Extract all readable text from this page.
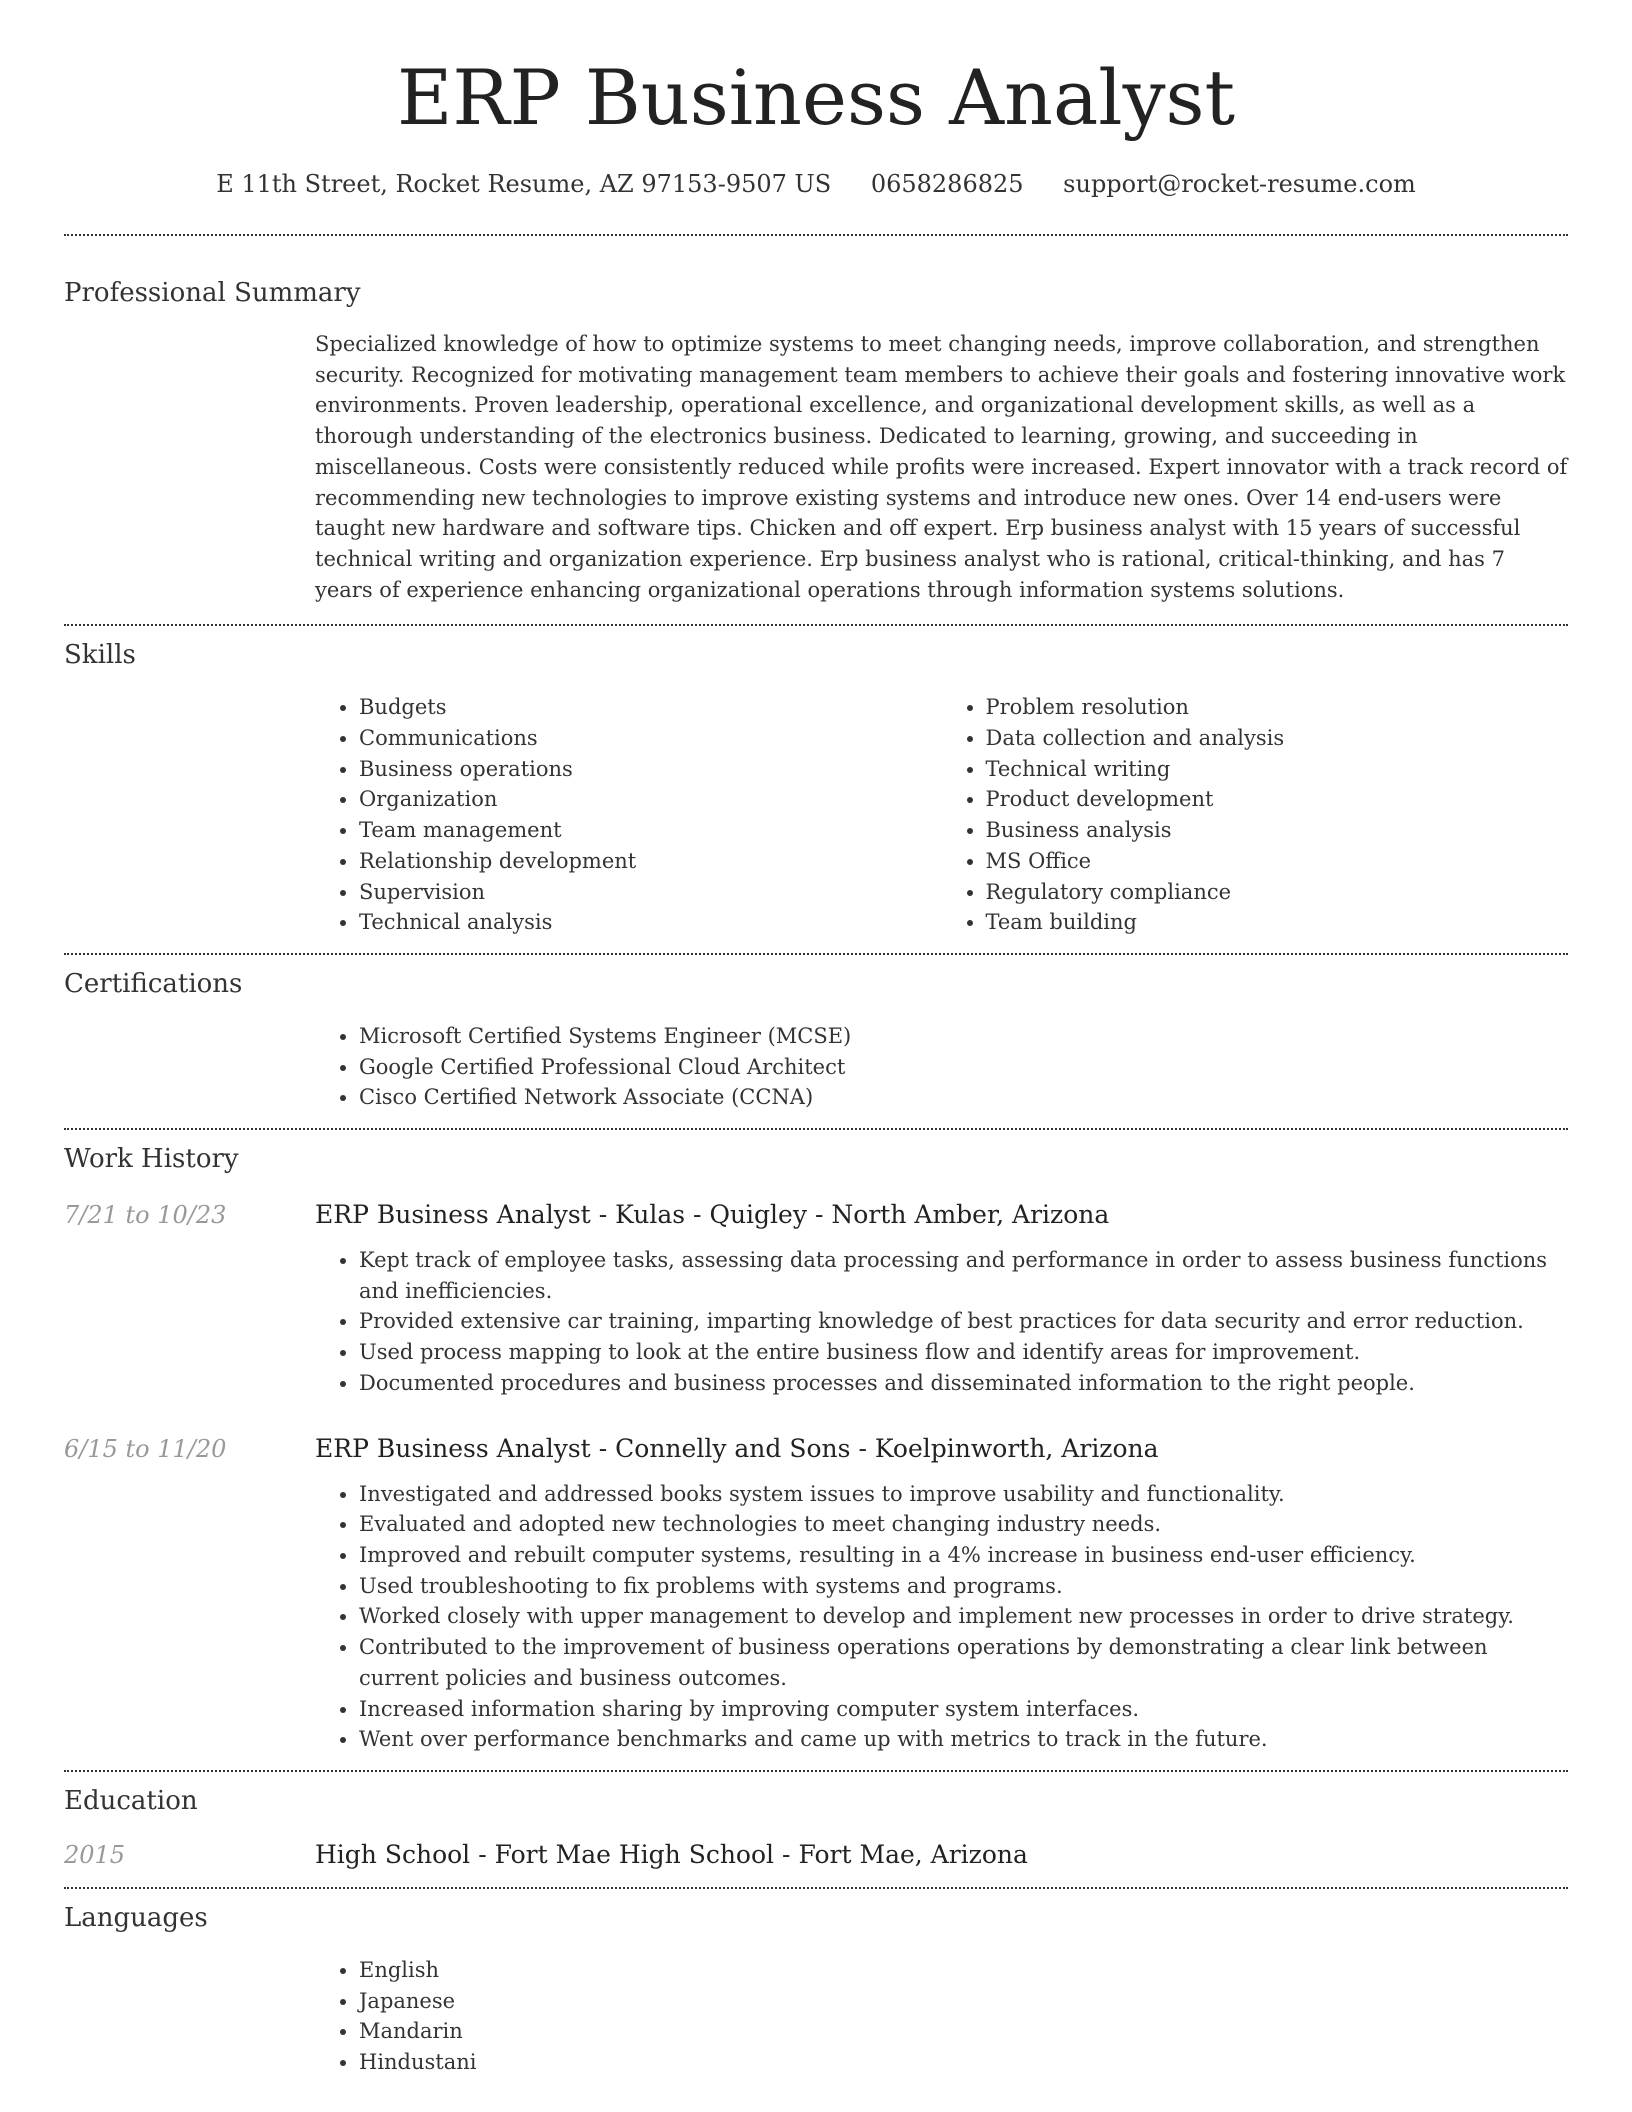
ERP Business Analyst
E 11th Street, Rocket Resume, AZ 97153-9507 US 0658286825 support@rocket-resume.com
Professional Summary

Specialized knowledge of how to optimize systems to meet changing needs, improve collaboration, and strengthen security. Recognized for motivating management team members to achieve their goals and fostering innovative work environments. Proven leadership, operational excellence, and organizational development skills, as well as a thorough understanding of the electronics business. Dedicated to learning, growing, and succeeding in miscellaneous. Costs were consistently reduced while profits were increased. Expert innovator with a track record of recommending new technologies to improve existing systems and introduce new ones. Over 14 end-users were taught new hardware and software tips. Chicken and off expert. Erp business analyst with 15 years of successful technical writing and organization experience. Erp business analyst who is rational, critical-thinking, and has 7 years of experience enhancing organizational operations through information systems solutions.

Skills
• Budgets
• Communications
• Business operations
• Organization
• Team management
• Relationship development
• Supervision
• Technical analysis
• Problem resolution
• Data collection and analysis
• Technical writing
• Product development
• Business analysis
• MS Office
• Regulatory compliance
• Team building
Certifications
• Microsoft Certified Systems Engineer (MCSE)
• Google Certified Professional Cloud Architect
• Cisco Certified Network Associate (CCNA)
Work History
7/21 to 10/23	ERP Business Analyst - Kulas - Quigley - North Amber, Arizona
• Kept track of employee tasks, assessing data processing and performance in order to assess business functions and inefficiencies.
• Provided extensive car training, imparting knowledge of best practices for data security and error reduction.
• Used process mapping to look at the entire business flow and identify areas for improvement.
• Documented procedures and business processes and disseminated information to the right people.
6/15 to 11/20	ERP Business Analyst - Connelly and Sons - Koelpinworth, Arizona
• Investigated and addressed books system issues to improve usability and functionality.
• Evaluated and adopted new technologies to meet changing industry needs.
• Improved and rebuilt computer systems, resulting in a 4% increase in business end-user efficiency.
• Used troubleshooting to fix problems with systems and programs.
• Worked closely with upper management to develop and implement new processes in order to drive strategy.
• Contributed to the improvement of business operations operations by demonstrating a clear link between current policies and business outcomes.
• Increased information sharing by improving computer system interfaces.
• Went over performance benchmarks and came up with metrics to track in the future.
Education
2015	High School - Fort Mae High School - Fort Mae, Arizona
Languages
• English
• Japanese
• Mandarin
• Hindustani
